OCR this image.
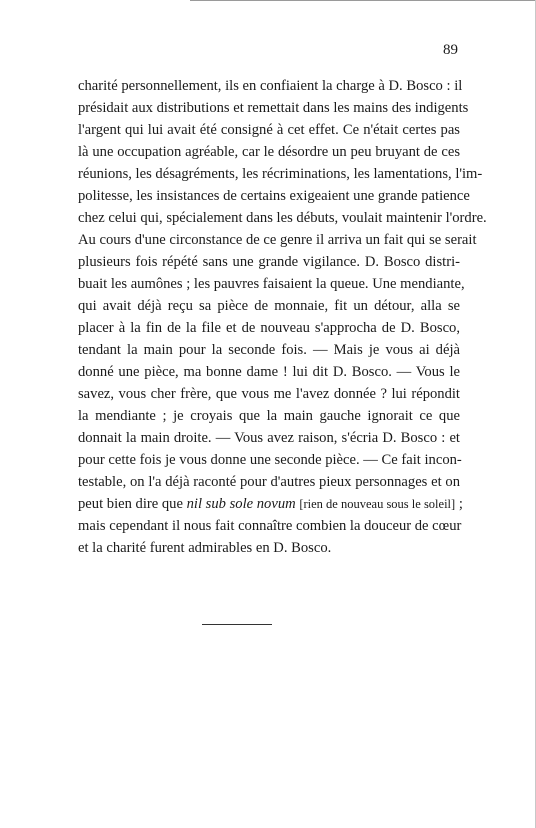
89
charité personnellement, ils en confiaient la charge à D. Bosco : il
présidait aux distributions et remettait dans les mains des indigents
l'argent qui lui avait été consigné à cet effet. Ce n'était certes pas
là une occupation agréable, car le désordre un peu bruyant de ces
réunions, les désagréments, les récriminations, les lamentations, l'im-
politesse, les insistances de certains exigeaient une grande patience
chez celui qui, spécialement dans les débuts, voulait maintenir l'ordre.
Au cours d'une circonstance de ce genre il arriva un fait qui se serait
plusieurs fois répété sans une grande vigilance. D. Bosco distri-
buait les aumônes ; les pauvres faisaient la queue. Une mendiante,
qui avait déjà reçu sa pièce de monnaie, fit un détour, alla se
placer à la fin de la file et de nouveau s'approcha de D. Bosco,
tendant la main pour la seconde fois. — Mais je vous ai déjà
donné une pièce, ma bonne dame ! lui dit D. Bosco. — Vous le
savez, vous cher frère, que vous me l'avez donnée ? lui répondit
la mendiante ; je croyais que la main gauche ignorait ce que
donnait la main droite. — Vous avez raison, s'écria D. Bosco : et
pour cette fois je vous donne une seconde pièce. — Ce fait incon-
testable, on l'a déjà raconté pour d'autres pieux personnages et on
peut bien dire que nil sub sole novum [rien de nouveau sous le soleil] ;
mais cependant il nous fait connaître combien la douceur de cœur
et la charité furent admirables en D. Bosco.
